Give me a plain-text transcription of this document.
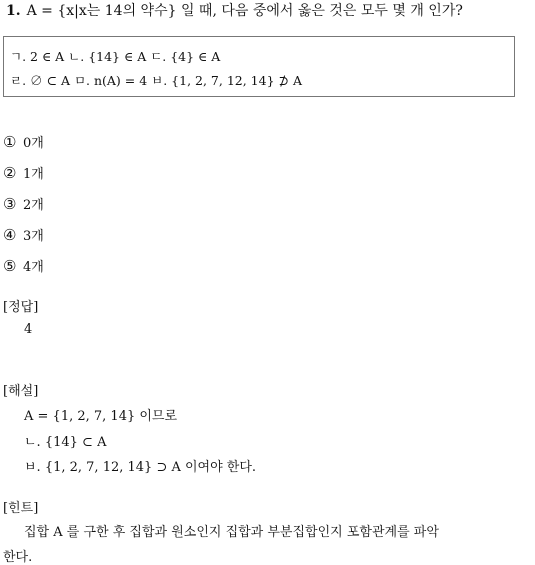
1. A = {x|x는 14의 약수} 일 때, 다음 중에서 옳은 것은 모두 몇 개 인가?
ㄱ. 2 ∈ A ㄴ. {14} ∈ A ㄷ. {4} ∈ A
ㄹ. ∅ ⊂ A ㅁ. n(A) = 4 ㅂ. {1, 2, 7, 12, 14} ⊅ A
① 0개
② 1개
③ 2개
④ 3개
⑤ 4개
[정답]
4
[해설]
A = {1, 2, 7, 14} 이므로
ㄴ. {14} ⊂ A
ㅂ. {1, 2, 7, 12, 14} ⊃ A 이여야 한다.
[힌트]
집합 A 를 구한 후 집합과 원소인지 집합과 부분집합인지 포함관계를 파악
한다.
